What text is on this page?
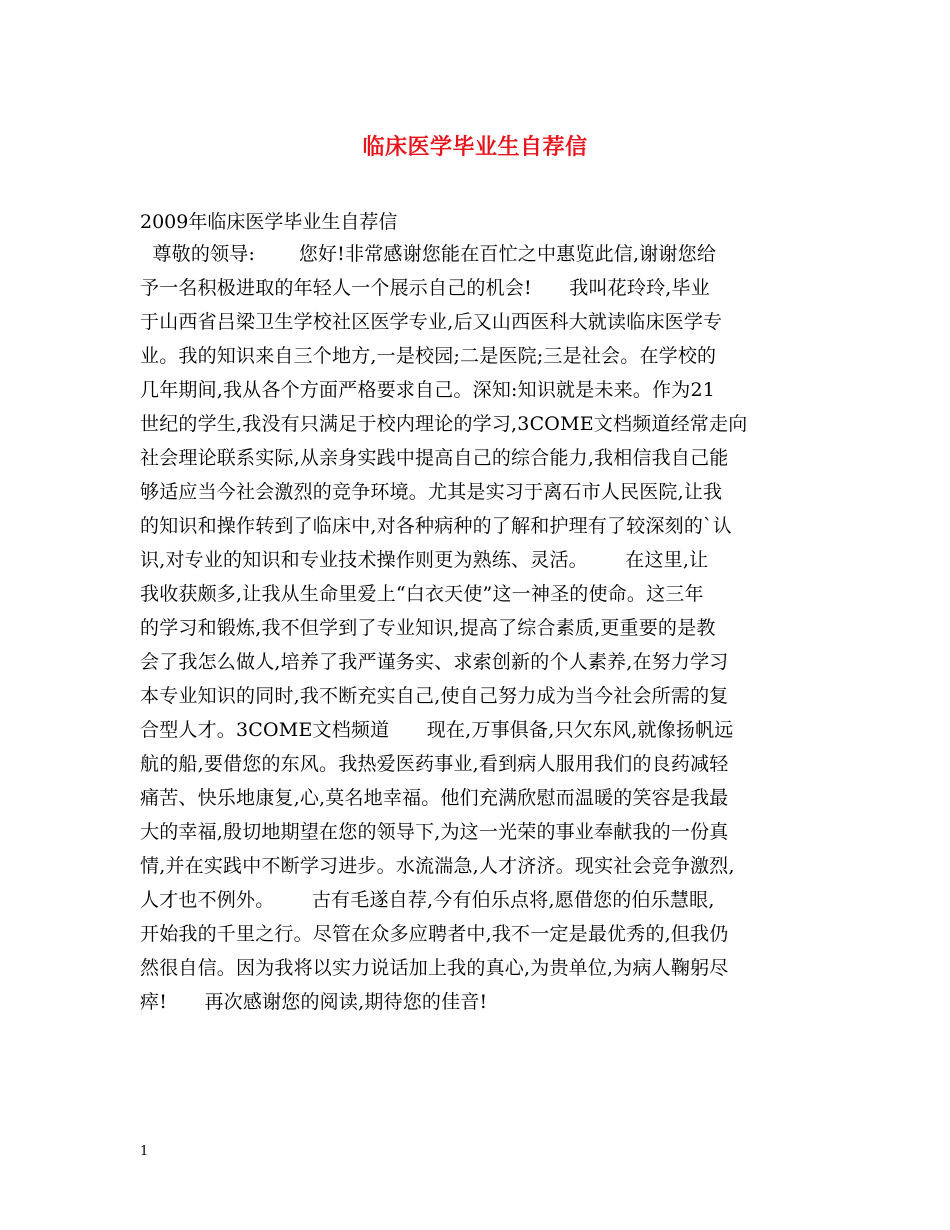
临床医学毕业生自荐信
2009年临床医学毕业生自荐信
尊敬的领导:       您好!非常感谢您能在百忙之中惠览此信,谢谢您给
予一名积极进取的年轻人一个展示自己的机会!      我叫花玲玲,毕业
于山西省吕梁卫生学校社区医学专业,后又山西医科大就读临床医学专
业。我的知识来自三个地方,一是校园;二是医院;三是社会。在学校的
几年期间,我从各个方面严格要求自己。深知:知识就是未来。作为21
世纪的学生,我没有只满足于校内理论的学习,3COME文档频道经常走向
社会理论联系实际,从亲身实践中提高自己的综合能力,我相信我自己能
够适应当今社会激烈的竞争环境。尤其是实习于离石市人民医院,让我
的知识和操作转到了临床中,对各种病种的了解和护理有了较深刻的`认
识,对专业的知识和专业技术操作则更为熟练、灵活。      在这里,让
我收获颇多,让我从生命里爱上“白衣天使”这一神圣的使命。这三年
的学习和锻炼,我不但学到了专业知识,提高了综合素质,更重要的是教
会了我怎么做人,培养了我严谨务实、求索创新的个人素养,在努力学习
本专业知识的同时,我不断充实自己,使自己努力成为当今社会所需的复
合型人才。3COME文档频道      现在,万事俱备,只欠东风,就像扬帆远
航的船,要借您的东风。我热爱医药事业,看到病人服用我们的良药减轻
痛苦、快乐地康复,心,莫名地幸福。他们充满欣慰而温暖的笑容是我最
大的幸福,殷切地期望在您的领导下,为这一光荣的事业奉献我的一份真
情,并在实践中不断学习进步。水流湍急,人才济济。现实社会竞争激烈,
人才也不例外。      古有毛遂自荐,今有伯乐点将,愿借您的伯乐慧眼,
开始我的千里之行。尽管在众多应聘者中,我不一定是最优秀的,但我仍
然很自信。因为我将以实力说话加上我的真心,为贵单位,为病人鞠躬尽
瘁!      再次感谢您的阅读,期待您的佳音!
1
